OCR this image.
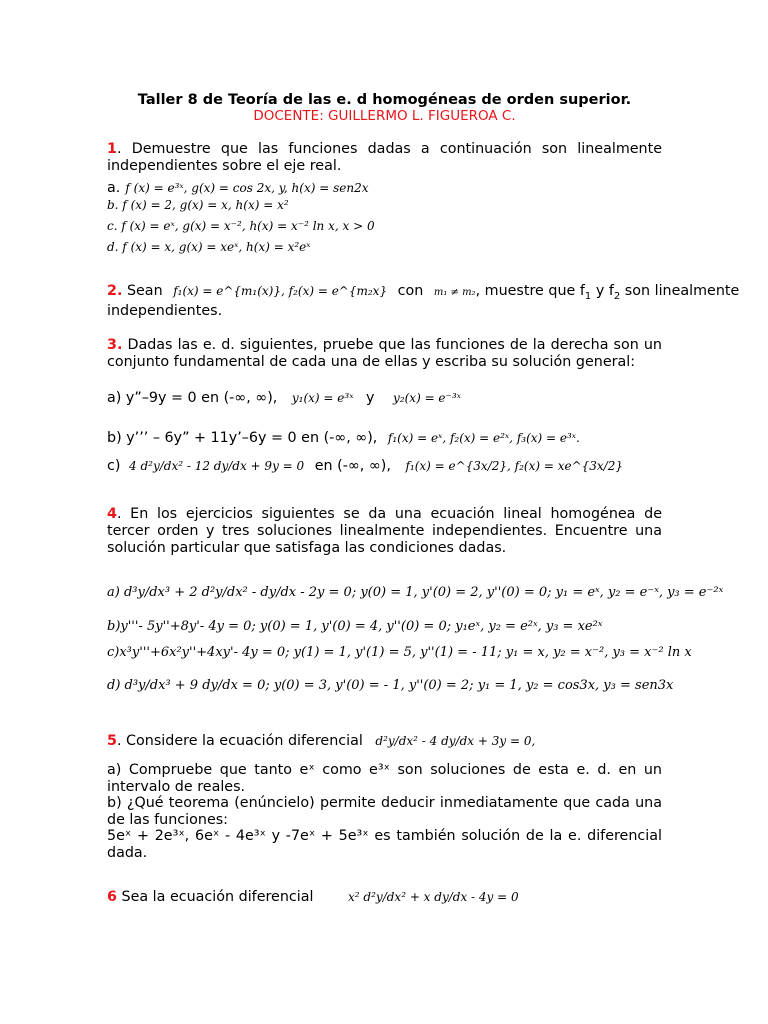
Taller 8 de Teoría de las e. d homogéneas de orden superior.
DOCENTE: GUILLERMO L. FIGUEROA C.
1. Demuestre que las funciones dadas a continuación son linealmente independientes sobre el eje real.
a. f (x) = e³ˣ, g(x) = cos 2x, y, h(x) = sen2x
b. f (x) = 2, g(x) = x, h(x) = x²
c. f (x) = eˣ, g(x) = x⁻², h(x) = x⁻² ln x, x > 0
d. f (x) = x, g(x) = xeˣ, h(x) = x²eˣ
2. Sean f₁(x) = e^{m₁(x)}, f₂(x) = e^{m₂x} con m₁ ≠ m₂, muestre que $f_1$ y $f_2$ son linealmente
independientes.
3. Dadas las e. d. siguientes, pruebe que las funciones de la derecha son un conjunto fundamental de cada una de ellas y escriba su solución general:
a) y”–9y = 0 en (-∞, ∞), y₁(x) = e³ˣ y y₂(x) = e⁻³ˣ
b) y’’’ – 6y” + 11y’–6y = 0 en (-∞, ∞), f₁(x) = eˣ, f₂(x) = e²ˣ, f₃(x) = e³ˣ.
c) 4 d²y/dx² - 12 dy/dx + 9y = 0 en (-∞, ∞), f₁(x) = e^{3x/2}, f₂(x) = xe^{3x/2}
4. En los ejercicios siguientes se da una ecuación lineal homogénea de tercer orden y tres soluciones linealmente independientes. Encuentre una solución particular que satisfaga las condiciones dadas.
a) d³y/dx³ + 2 d²y/dx² - dy/dx - 2y = 0; y(0) = 1, y'(0) = 2, y''(0) = 0; y₁ = eˣ, y₂ = e⁻ˣ, y₃ = e⁻²ˣ
b)y'''- 5y''+8y'- 4y = 0; y(0) = 1, y'(0) = 4, y''(0) = 0; y₁eˣ, y₂ = e²ˣ, y₃ = xe²ˣ
c)x³y'''+6x²y''+4xy'- 4y = 0; y(1) = 1, y'(1) = 5, y''(1) = - 11; y₁ = x, y₂ = x⁻², y₃ = x⁻² ln x
d) d³y/dx³ + 9 dy/dx = 0; y(0) = 3, y'(0) = - 1, y''(0) = 2; y₁ = 1, y₂ = cos3x, y₃ = sen3x
5. Considere la ecuación diferencial d²y/dx² - 4 dy/dx + 3y = 0,
a) Compruebe que tanto eˣ como e³ˣ son soluciones de esta e. d. en un intervalo de reales.
b) ¿Qué teorema (enúncielo) permite deducir inmediatamente que cada una de las funciones:
5eˣ + 2e³ˣ, 6eˣ - 4e³ˣ y -7eˣ + 5e³ˣ es también solución de la e. diferencial dada.
6 Sea la ecuación diferencial	x² d²y/dx² + x dy/dx - 4y = 0
